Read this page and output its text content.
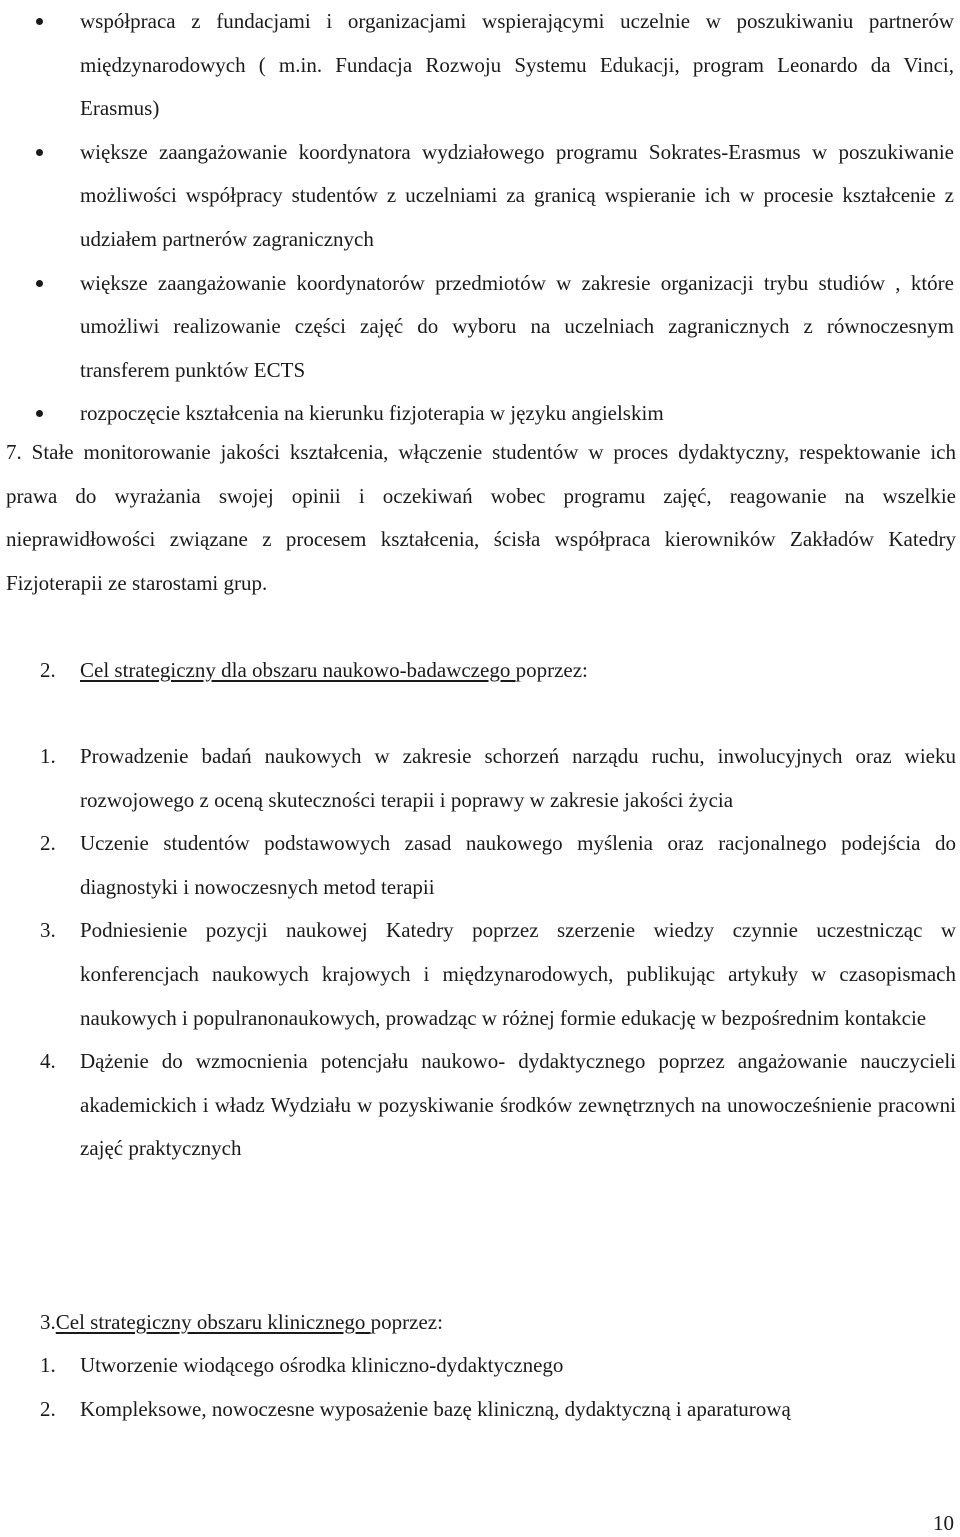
współpraca z fundacjami i organizacjami wspierającymi uczelnie w poszukiwaniu partnerów międzynarodowych ( m.in. Fundacja Rozwoju Systemu Edukacji, program Leonardo da Vinci, Erasmus)
większe zaangażowanie koordynatora wydziałowego programu Sokrates-Erasmus w poszukiwanie możliwości współpracy studentów z uczelniami za granicą wspieranie ich w procesie kształcenie z udziałem partnerów zagranicznych
większe zaangażowanie koordynatorów przedmiotów w zakresie organizacji trybu studiów , które umożliwi realizowanie części zajęć do wyboru na uczelniach zagranicznych z równoczesnym transferem punktów ECTS
rozpoczęcie kształcenia na kierunku fizjoterapia w języku angielskim
7. Stałe monitorowanie jakości kształcenia, włączenie studentów w proces dydaktyczny, respektowanie ich prawa do wyrażania swojej opinii i oczekiwań wobec programu zajęć, reagowanie na wszelkie nieprawidłowości związane z procesem kształcenia, ścisła współpraca kierowników Zakładów Katedry Fizjoterapii ze starostami grup.
2. Cel strategiczny dla obszaru naukowo-badawczego poprzez:
1. Prowadzenie badań naukowych w zakresie schorzeń narządu ruchu, inwolucyjnych oraz wieku rozwojowego z oceną skuteczności terapii i poprawy w zakresie jakości życia
2. Uczenie studentów podstawowych zasad naukowego myślenia oraz racjonalnego podejścia do diagnostyki i nowoczesnych metod terapii
3. Podniesienie pozycji naukowej Katedry poprzez szerzenie wiedzy czynnie uczestnicząc w konferencjach naukowych krajowych i międzynarodowych, publikując artykuły w czasopismach naukowych i populranonaukowych, prowadząc w różnej formie edukację w bezpośrednim kontakcie
4. Dążenie do wzmocnienia potencjału naukowo- dydaktycznego poprzez angażowanie nauczycieli akademickich i władz Wydziału w pozyskiwanie środków zewnętrznych na unowocześnienie pracowni zajęć praktycznych
3.Cel strategiczny obszaru klinicznego poprzez:
1. Utworzenie wiodącego ośrodka kliniczno-dydaktycznego
2. Kompleksowe, nowoczesne wyposażenie bazę kliniczną, dydaktyczną i aparaturową
10
